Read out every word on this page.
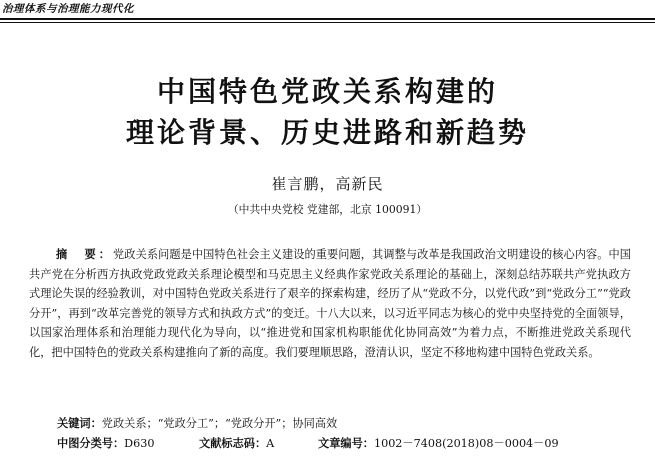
治理体系与治理能力现代化
中国特色党政关系构建的
理论背景、历史进路和新趋势
崔言鹏，高新民
（中共中央党校 党建部，北京 100091）
摘　要：党政关系问题是中国特色社会主义建设的重要问题，其调整与改革是我国政治文明建设的核心内容。中国共产党在分析西方执政党政党政关系理论模型和马克思主义经典作家党政关系理论的基础上，深刻总结苏联共产党执政方式理论失误的经验教训，对中国特色党政关系进行了艰辛的探索构建，经历了从“党政不分，以党代政”到“党政分工”“党政分开”，再到“改革完善党的领导方式和执政方式”的变迁。十八大以来，以习近平同志为核心的党中央坚持党的全面领导，以国家治理体系和治理能力现代化为导向，以“推进党和国家机构职能优化协同高效”为着力点，不断推进党政关系现代化，把中国特色的党政关系构建推向了新的高度。我们要理顺思路，澄清认识，坚定不移地构建中国特色党政关系。
关键词：党政关系；“党政分工”；“党政分开”；协同高效
中图分类号：D630	文献标志码：A	文章编号：1002－7408(2018)08－0004－09
